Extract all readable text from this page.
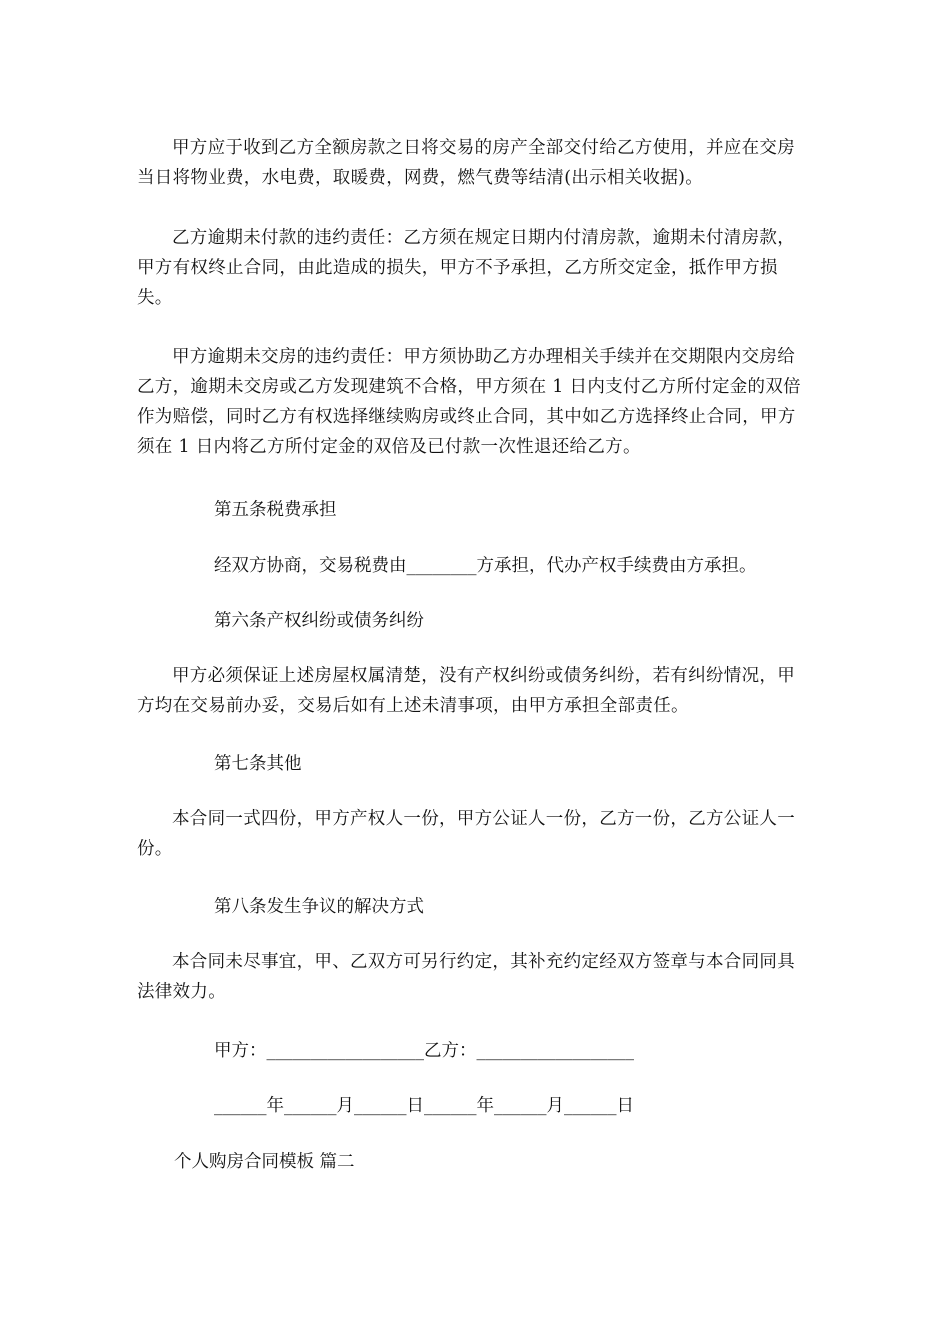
甲方应于收到乙方全额房款之日将交易的房产全部交付给乙方使用，并应在交房当日将物业费，水电费，取暖费，网费，燃气费等结清(出示相关收据)。

乙方逾期未付款的违约责任：乙方须在规定日期内付清房款，逾期未付清房款，甲方有权终止合同，由此造成的损失，甲方不予承担，乙方所交定金，抵作甲方损失。

甲方逾期未交房的违约责任：甲方须协助乙方办理相关手续并在交期限内交房给乙方，逾期未交房或乙方发现建筑不合格，甲方须在 1 日内支付乙方所付定金的双倍作为赔偿，同时乙方有权选择继续购房或终止合同，其中如乙方选择终止合同，甲方须在 1 日内将乙方所付定金的双倍及已付款一次性退还给乙方。

第五条税费承担

经双方协商，交易税费由________方承担，代办产权手续费由方承担。

第六条产权纠纷或债务纠纷

甲方必须保证上述房屋权属清楚，没有产权纠纷或债务纠纷，若有纠纷情况，甲方均在交易前办妥，交易后如有上述未清事项，由甲方承担全部责任。

第七条其他

本合同一式四份，甲方产权人一份，甲方公证人一份，乙方一份，乙方公证人一份。

第八条发生争议的解决方式

本合同未尽事宜，甲、乙双方可另行约定，其补充约定经双方签章与本合同同具法律效力。

甲方：__________________乙方：__________________

______年______月______日______年______月______日

个人购房合同模板 篇二
